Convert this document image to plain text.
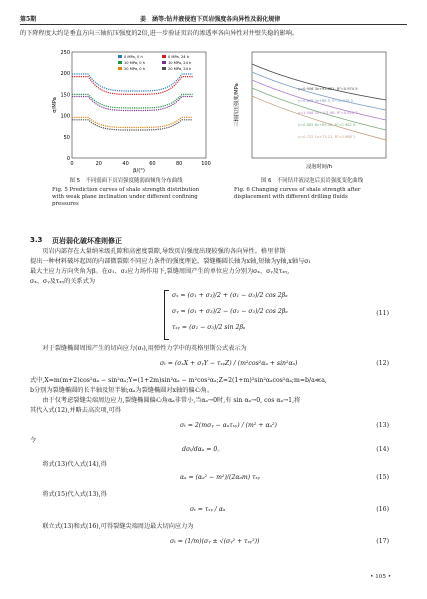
第5期	姜　涵等:钻井液侵泡下页岩强度各向异性及弱化规律
的下降程度大约是垂直方向三轴抗压强度的2倍,进一步验证页岩的渗透率各向异性对井壁失稳的影响。
250
200
150
100
50
0
0	20	40	60	80	100
σ/MPa
β/(°)
0 MPa, 0 h	0 MPa, 24 h
10 MPa, 0 h	10 MPa, 24 h
20 MPa, 0 h	20 MPa, 24 h
图 5　不同弱面下页岩强度随弱面倾角分布曲线
Fig. 5 Prediction curves of shale strength distribution with weak plane inclination under different confining pressures
三轴抗压强度/MPa
浸泡时间/h
y=0.956 3x+93.681, R²=0.974 9
y=0.808 3x+86.5, R²=0.978 5
y=1.046 2x+101.98, R²=0.925 7
y=0.865 6x+89.46, R²=0.962 8
y=0.722 1x+73.21, R²=0.988 1
图 6　不同钻井液浸泡后页岩强度变化曲线
Fig. 6 Changing curves of shale strength after displacement with different drilling fluids
3.3 页岩弱化破坏准则修正
　　页岩内部存在大量纳米级孔隙和高密度裂隙,导致页岩强度出现较强的各向异性。格里菲斯
提出一种材料破坏起因的内部微裂隙不同应力条件的强度理论。裂缝椭圆长轴为x轴,短轴为y轴,x轴与σ₁
最大主应力方向夹角为β。在σ₁、σ₃应力场作用下,裂缝周围产生的单位应力分别为σₓ、σᵧ及τₓᵧ,
σₓ、σᵧ及τₓᵧ的关系式为
σₓ = (σ₁ + σ₃)/2 + (σ₁ − σ₃)/2 cos 2βₐ
σᵧ = (σ₁ + σ₃)/2 − (σ₁ − σ₃)/2 cos 2βₐ
τₓᵧ = (σ₁ − σ₃)/2 sin 2βₐ
(11)
　　对于裂缝椭圆周围产生的切向应力(σₜ),用弹性力学中的英格里斯公式表示为
σₜ = (σₓX + σᵧY − τₓᵧZ) / (m²cos²αₐ + sin²αₐ)	(12)
式中,X=m(m+2)cos²αₐ − sin²αₐ;Y=(1+2m)sin²αₐ − m²cos²αₐ;Z=2(1+m)²sin²αₐcos²αₐ;m=b/a≪a,
b分别为裂缝椭圆的长半轴及短半轴;αₐ为裂缝椭圆对x轴的偏心角。
　　由于仅考虑裂缝尖端周边应力,裂缝椭圆偏心角αₐ非常小,当αₐ→0时,有 sin αₐ→0, cos αₐ→1,将
其代入式(12),并略去高次项,可得
σₜ = 2(mσᵧ − αₐτₓᵧ) / (m² + αₐ²)	(13)
令
dσₜ/dαₐ = 0。	(14)
　　将式(13)代入式(14),得
αₐ = (αₐ² − m²)/(2αₐm) τₓᵧ	(15)
　　将式(15)代入式(13),得
σₜ = τₓᵧ / αₐ	(16)
　　联立式(13)和式(16),可得裂缝尖端周边最大切向应力为
σₜ = (1/m)(σᵧ ± √(σᵧ² + τₓᵧ²))	(17)
• 105 •
